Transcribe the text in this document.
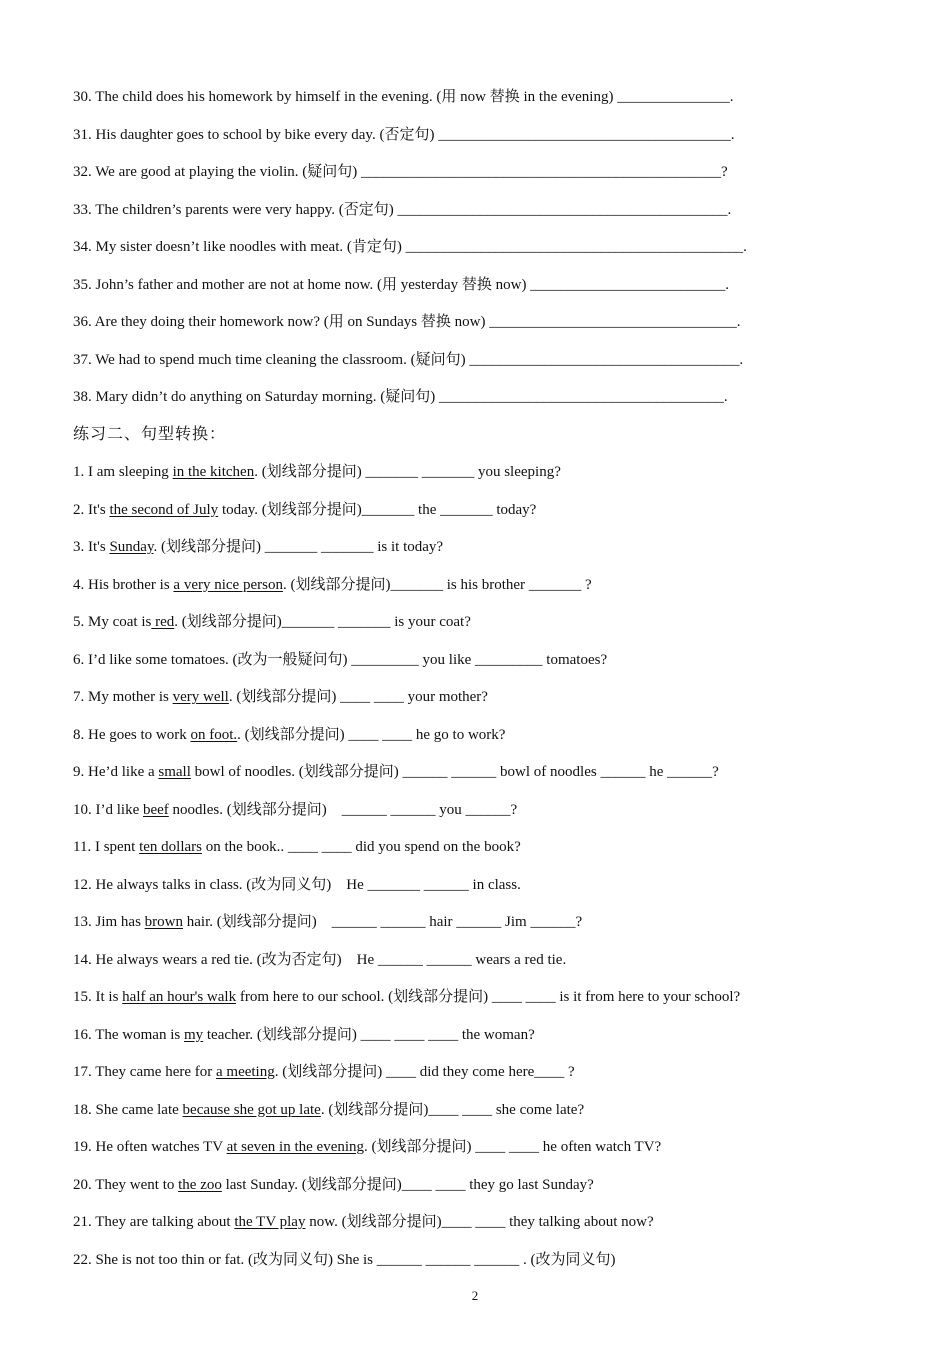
30. The child does his homework by himself in the evening. (用 now 替换 in the evening) _______________.
31. His daughter goes to school by bike every day. (否定句) _______________________________________.
32. We are good at playing the violin. (疑问句) ________________________________________________?
33. The children’s parents were very happy. (否定句) ____________________________________________.
34. My sister doesn’t like noodles with meat. (肯定句) _____________________________________________.
35. John’s father and mother are not at home now. (用 yesterday 替换 now) __________________________.
36. Are they doing their homework now? (用 on Sundays 替换 now) _________________________________.
37. We had to spend much time cleaning the classroom. (疑问句) ____________________________________.
38. Mary didn’t do anything on Saturday morning. (疑问句) ______________________________________.
练习二、句型转换：
1. I am sleeping in the kitchen. (划线部分提问) _______ _______ you sleeping?
2. It's the second of July today. (划线部分提问)_______ the _______ today?
3. It's Sunday. (划线部分提问) _______ _______ is it today?
4. His brother is a very nice person. (划线部分提问)_______ is his brother _______ ?
5. My coat is red. (划线部分提问)_______ _______ is your coat?
6. I’d like some tomatoes. (改为一般疑问句) _________ you like _________ tomatoes?
7. My mother is very well. (划线部分提问) ____ ____ your mother?
8. He goes to work on foot.. (划线部分提问) ____ ____ he go to work?
9. He’d like a small bowl of noodles. (划线部分提问) ______ ______ bowl of noodles ______ he ______?
10. I’d like beef noodles. (划线部分提问)    ______ ______ you ______?
11. I spent ten dollars on the book.. ____ ____ did you spend on the book?
12. He always talks in class. (改为同义句)    He _______ ______ in class.
13. Jim has brown hair. (划线部分提问)    ______ ______ hair ______ Jim ______?
14. He always wears a red tie. (改为否定句)    He ______ ______ wears a red tie.
15. It is half an hour's walk from here to our school. (划线部分提问) ____ ____ is it from here to your school?
16. The woman is my teacher. (划线部分提问) ____ ____ ____ the woman?
17. They came here for a meeting. (划线部分提问) ____ did they come here____ ?
18. She came late because she got up late. (划线部分提问)____ ____ she come late?
19. He often watches TV at seven in the evening. (划线部分提问) ____ ____ he often watch TV?
20. They went to the zoo last Sunday. (划线部分提问)____ ____ they go last Sunday?
21. They are talking about the TV play now. (划线部分提问)____ ____ they talking about now?
22. She is not too thin or fat. (改为同义句) She is ______ ______ ______ . (改为同义句)
2
